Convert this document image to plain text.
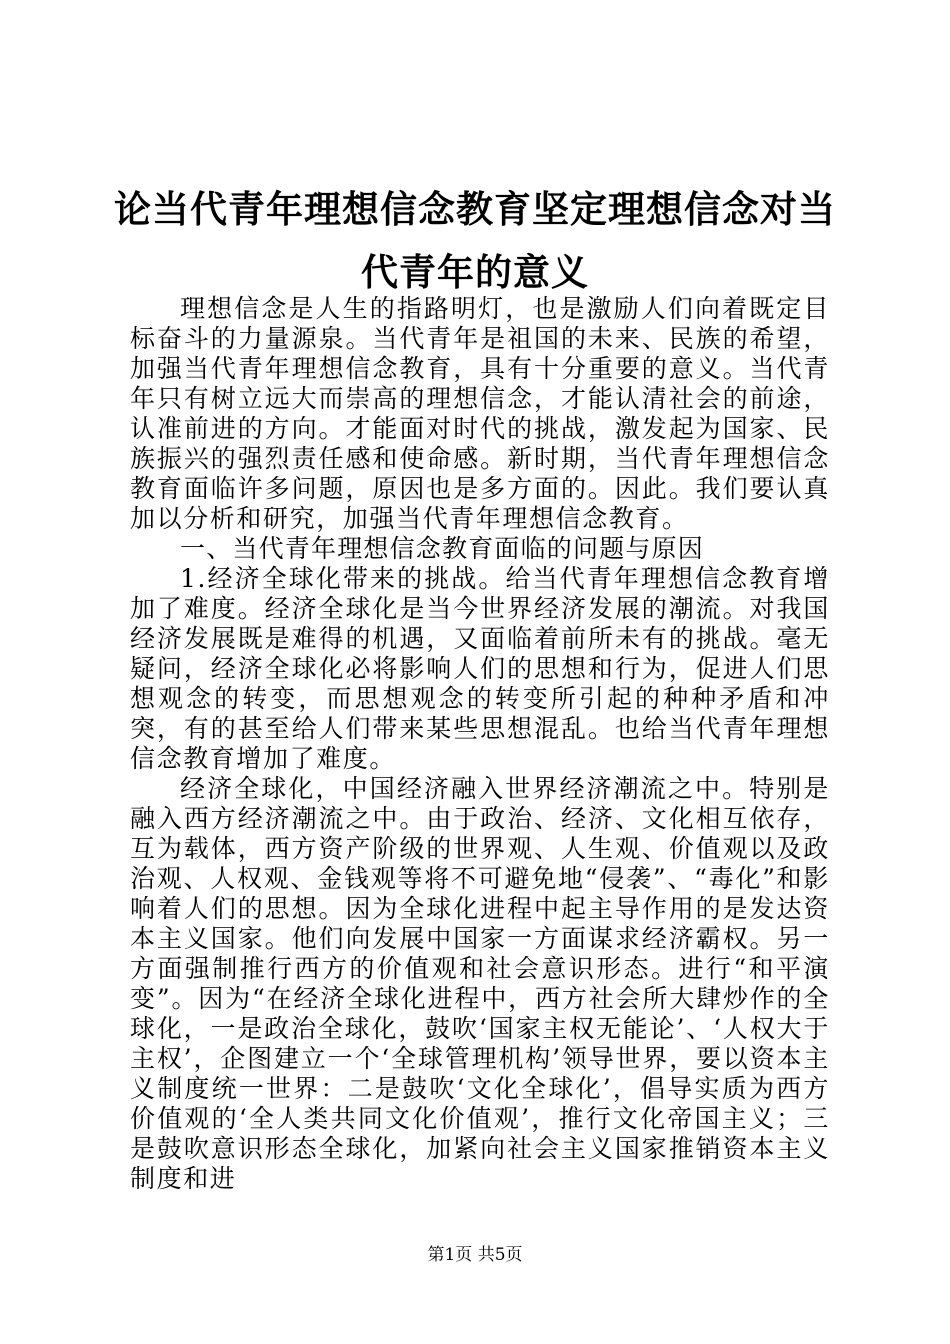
论当代青年理想信念教育坚定理想信念对当代青年的意义

理想信念是人生的指路明灯，也是激励人们向着既定目标奋斗的力量源泉。当代青年是祖国的未来、民族的希望，加强当代青年理想信念教育，具有十分重要的意义。当代青年只有树立远大而崇高的理想信念，才能认清社会的前途，认准前进的方向。才能面对时代的挑战，激发起为国家、民族振兴的强烈责任感和使命感。新时期，当代青年理想信念教育面临许多问题，原因也是多方面的。因此。我们要认真加以分析和研究，加强当代青年理想信念教育。

一、当代青年理想信念教育面临的问题与原因

1.经济全球化带来的挑战。给当代青年理想信念教育增加了难度。经济全球化是当今世界经济发展的潮流。对我国经济发展既是难得的机遇，又面临着前所未有的挑战。毫无疑问，经济全球化必将影响人们的思想和行为，促进人们思想观念的转变，而思想观念的转变所引起的种种矛盾和冲突，有的甚至给人们带来某些思想混乱。也给当代青年理想信念教育增加了难度。

经济全球化，中国经济融入世界经济潮流之中。特别是融入西方经济潮流之中。由于政治、经济、文化相互依存，互为载体，西方资产阶级的世界观、人生观、价值观以及政治观、人权观、金钱观等将不可避免地“侵袭”、“毒化”和影响着人们的思想。因为全球化进程中起主导作用的是发达资本主义国家。他们向发展中国家一方面谋求经济霸权。另一方面强制推行西方的价值观和社会意识形态。进行“和平演变”。因为“在经济全球化进程中，西方社会所大肆炒作的全球化，一是政治全球化，鼓吹‘国家主权无能论’、‘人权大于主权’，企图建立一个‘全球管理机构’领导世界，要以资本主义制度统一世界：二是鼓吹‘文化全球化’，倡导实质为西方价值观的‘全人类共同文化价值观’，推行文化帝国主义；三是鼓吹意识形态全球化，加紧向社会主义国家推销资本主义制度和进

第1页 共5页
